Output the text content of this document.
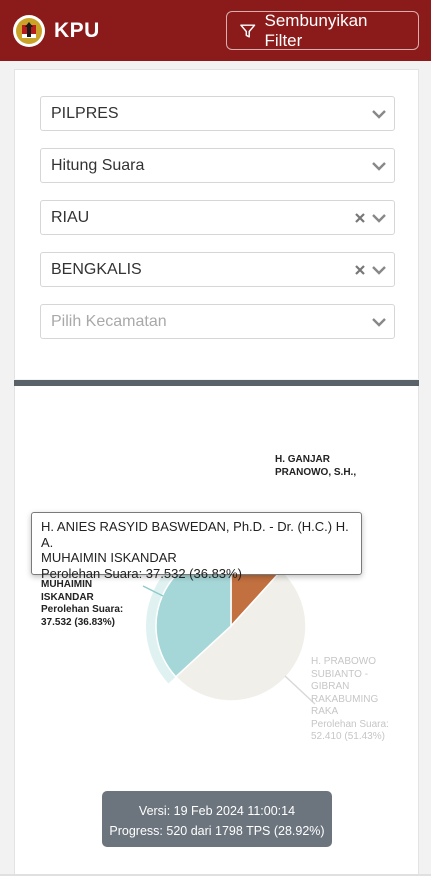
KPU	Sembunyikan Filter
PILPRES
Hitung Suara
RIAU
BENGKALIS
Pilih Kecamatan
H. GANJAR
PRANOWO, S.H.,
MUHAIMIN
ISKANDAR
Perolehan Suara:
37.532 (36.83%)
H. PRABOWO
SUBIANTO -
GIBRAN
RAKABUMING
RAKA
Perolehan Suara:
52.410 (51.43%)
H. ANIES RASYID BASWEDAN, Ph.D. - Dr. (H.C.) H. A.
MUHAIMIN ISKANDAR
Perolehan Suara: 37.532 (36.83%)
Versi: 19 Feb 2024 11:00:14
Progress: 520 dari 1798 TPS (28.92%)
